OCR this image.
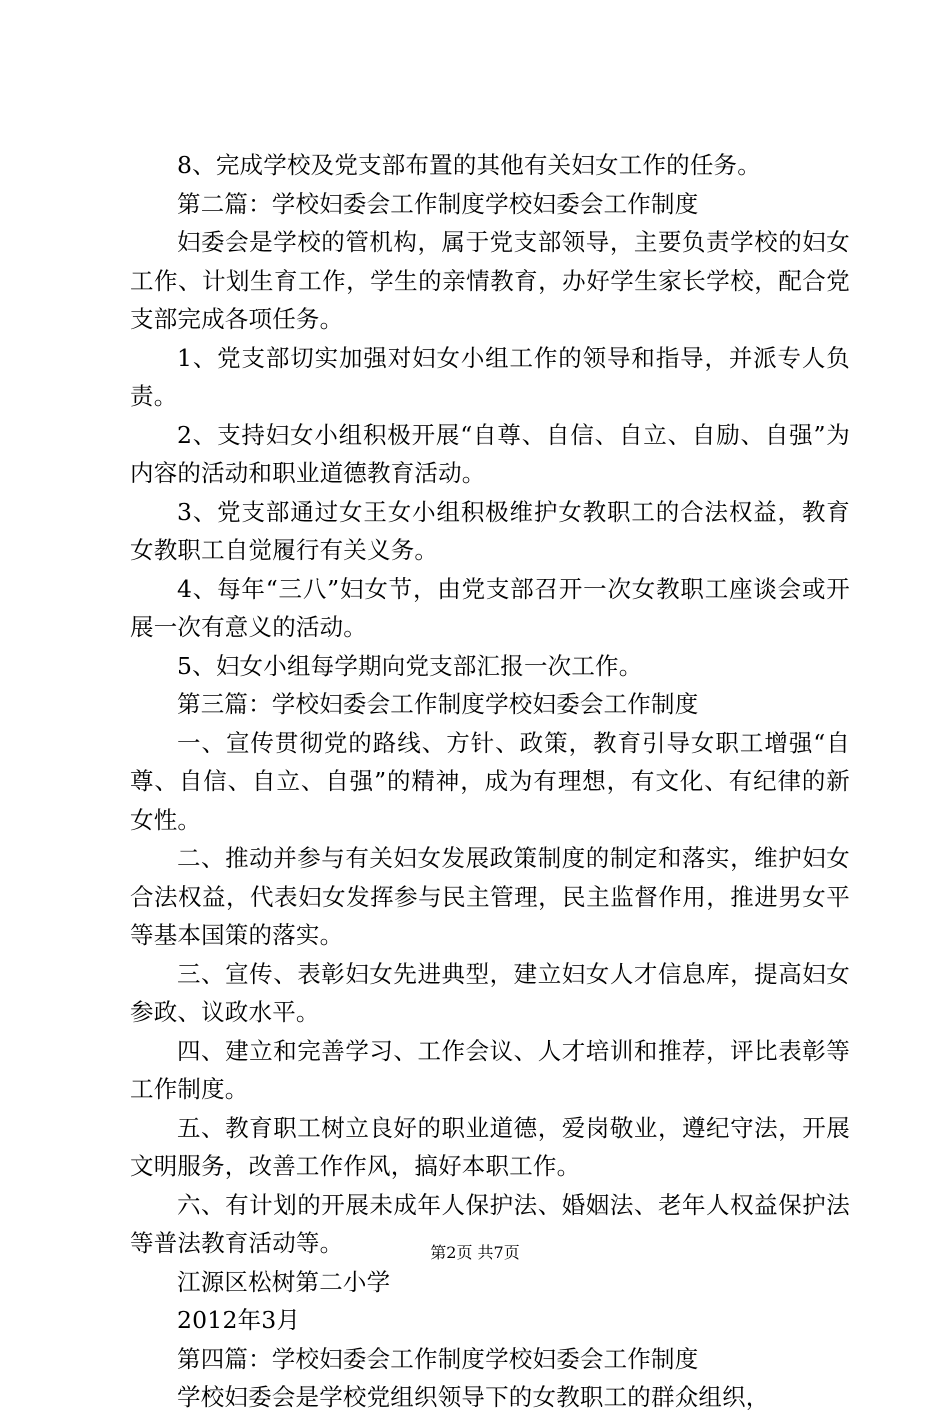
8、完成学校及党支部布置的其他有关妇女工作的任务。

第二篇：学校妇委会工作制度学校妇委会工作制度

妇委会是学校的管机构，属于党支部领导，主要负责学校的妇女工作、计划生育工作，学生的亲情教育，办好学生家长学校，配合党支部完成各项任务。

1、党支部切实加强对妇女小组工作的领导和指导，并派专人负责。

2、支持妇女小组积极开展“自尊、自信、自立、自励、自强”为内容的活动和职业道德教育活动。

3、党支部通过女王女小组积极维护女教职工的合法权益，教育女教职工自觉履行有关义务。

4、每年“三八”妇女节，由党支部召开一次女教职工座谈会或开展一次有意义的活动。

5、妇女小组每学期向党支部汇报一次工作。

第三篇：学校妇委会工作制度学校妇委会工作制度

一、宣传贯彻党的路线、方针、政策，教育引导女职工增强“自尊、自信、自立、自强”的精神，成为有理想，有文化、有纪律的新女性。

二、推动并参与有关妇女发展政策制度的制定和落实，维护妇女合法权益，代表妇女发挥参与民主管理，民主监督作用，推进男女平等基本国策的落实。

三、宣传、表彰妇女先进典型，建立妇女人才信息库，提高妇女参政、议政水平。

四、建立和完善学习、工作会议、人才培训和推荐，评比表彰等工作制度。

五、教育职工树立良好的职业道德，爱岗敬业，遵纪守法，开展文明服务，改善工作作风，搞好本职工作。

六、有计划的开展未成年人保护法、婚姻法、老年人权益保护法等普法教育活动等。

江源区松树第二小学

2012年3月

第四篇：学校妇委会工作制度学校妇委会工作制度

学校妇委会是学校党组织领导下的女教职工的群众组织，

第2页 共7页
